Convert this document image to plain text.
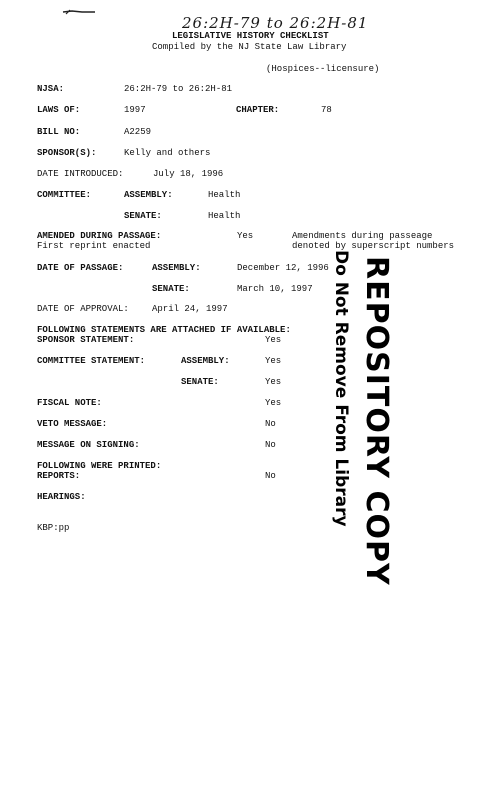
26:2H-79 to 26:2H-81
LEGISLATIVE HISTORY CHECKLIST
Compiled by the NJ State Law Library
(Hospices--licensure)
NJSA:	26:2H-79 to 26:2H-81
LAWS OF:	1997	CHAPTER:	78
BILL NO:	A2259
SPONSOR(S):	Kelly and others
DATE INTRODUCED:	July 18, 1996
COMMITTEE:	ASSEMBLY:	Health
SENATE:	Health
AMENDED DURING PASSAGE:	Yes	Amendments during passeage
First reprint enacted	denoted by superscript numbers
DATE OF PASSAGE:	ASSEMBLY:	December 12, 1996
SENATE:	March 10, 1997
DATE OF APPROVAL:	April 24, 1997
FOLLOWING STATEMENTS ARE ATTACHED IF AVAILABLE:
SPONSOR STATEMENT:	Yes
COMMITTEE STATEMENT:	ASSEMBLY:	Yes
SENATE:	Yes
FISCAL NOTE:	Yes
VETO MESSAGE:	No
MESSAGE ON SIGNING:	No
FOLLOWING WERE PRINTED:
REPORTS:	No
HEARINGS:
KBP:pp	REPOSITORY COPY
Do Not Remove From Library
